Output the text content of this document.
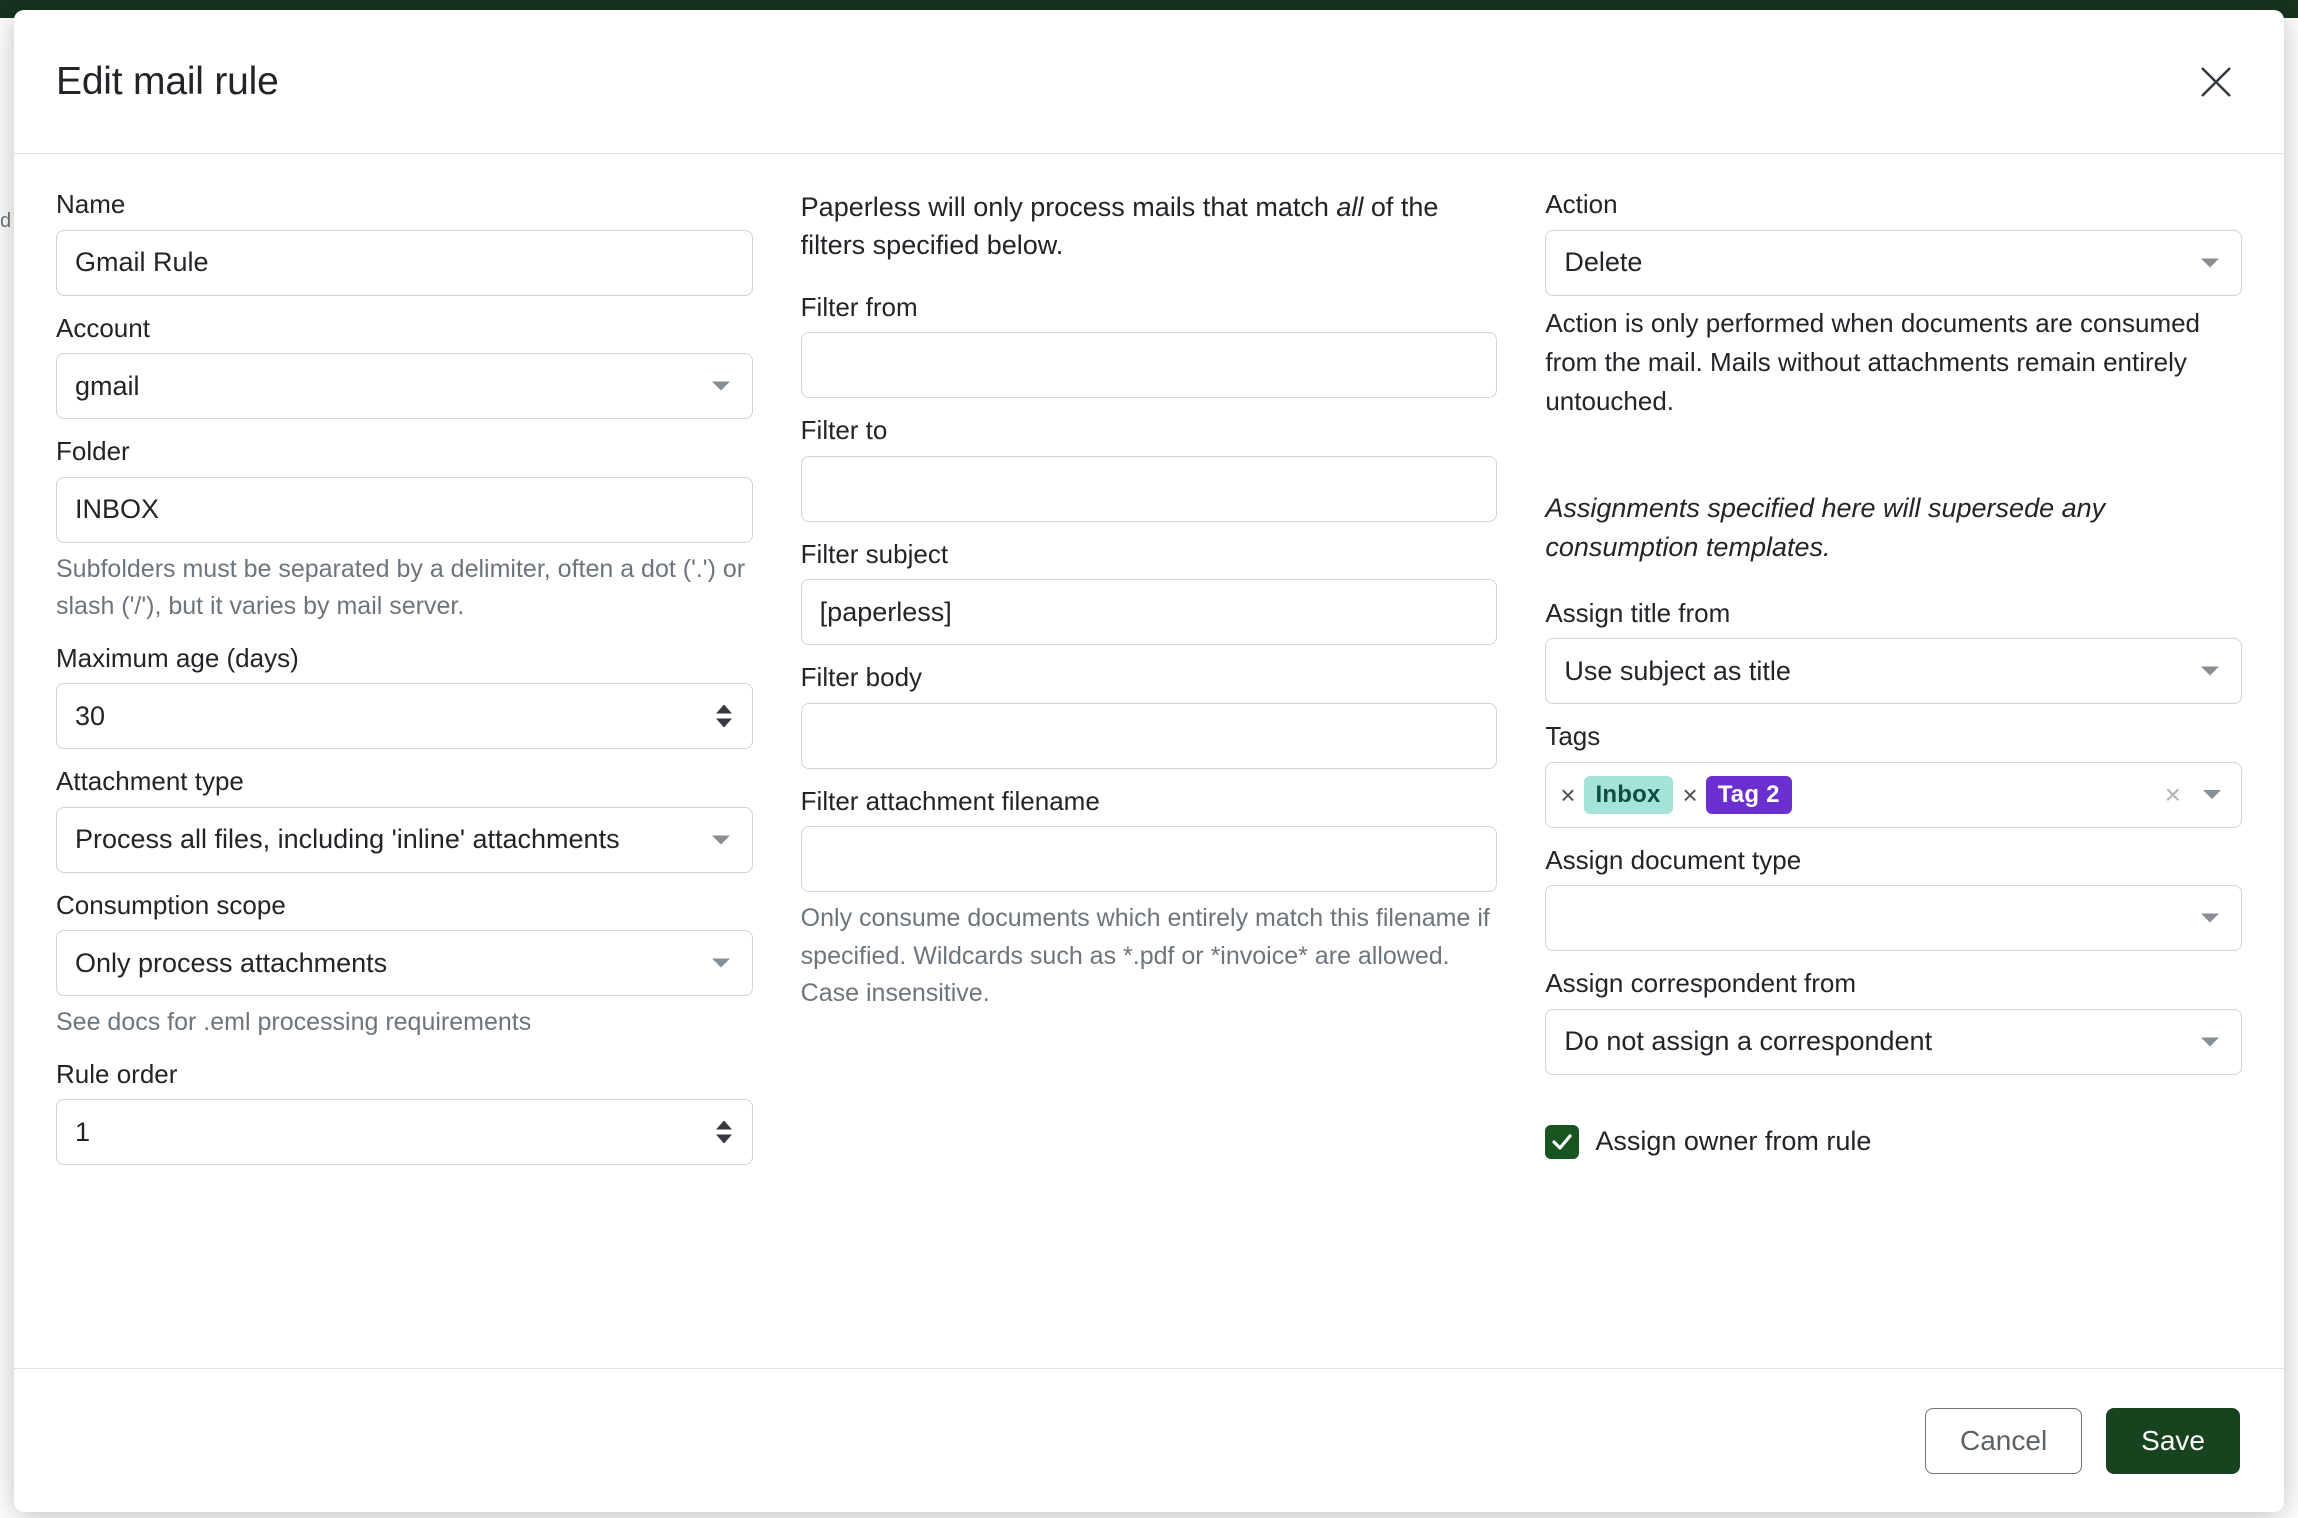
d
Edit mail rule
Name
Gmail Rule
Account
gmail
Folder
INBOX
Subfolders must be separated by a delimiter, often a dot ('.') or slash ('/'), but it varies by mail server.
Maximum age (days)
30
Attachment type
Process all files, including 'inline' attachments
Consumption scope
Only process attachments
See docs for .eml processing requirements
Rule order
1
Paperless will only process mails that match all of the filters specified below.
Filter from
Filter to
Filter subject
[paperless]
Filter body
Filter attachment filename
Only consume documents which entirely match this filename if specified. Wildcards such as *.pdf or *invoice* are allowed. Case insensitive.
Action
Delete
Action is only performed when documents are consumed from the mail. Mails without attachments remain entirely untouched.
Assignments specified here will supersede any consumption templates.
Assign title from
Use subject as title
Tags
× Inbox × Tag 2	×
Assign document type
Assign correspondent from
Do not assign a correspondent
Assign owner from rule
Cancel	Save
